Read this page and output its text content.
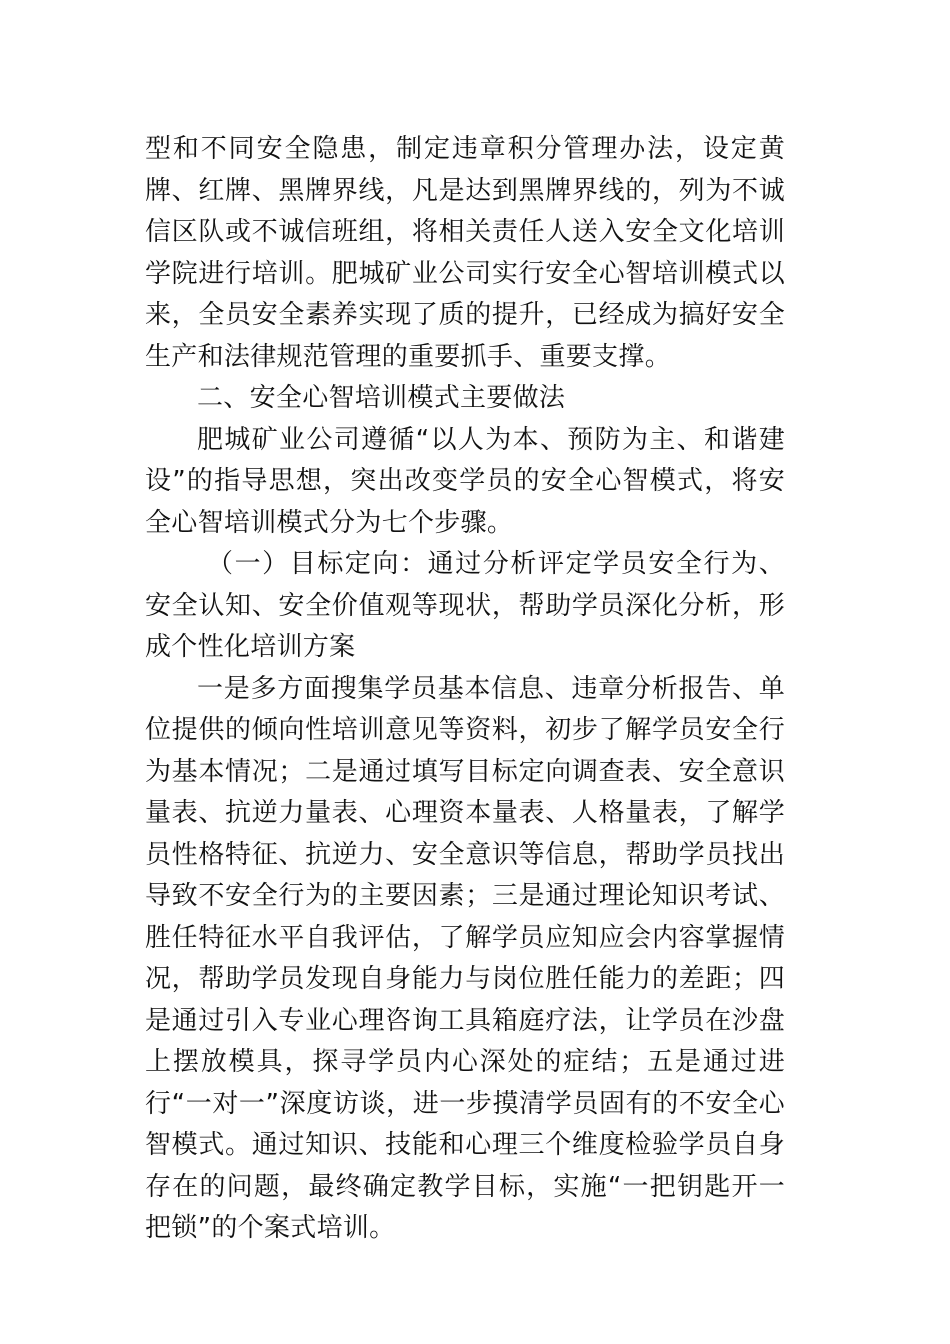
型和不同安全隐患，制定违章积分管理办法，设定黄牌、红牌、黑牌界线，凡是达到黑牌界线的，列为不诚信区队或不诚信班组，将相关责任人送入安全文化培训学院进行培训。肥城矿业公司实行安全心智培训模式以来，全员安全素养实现了质的提升，已经成为搞好安全生产和法律规范管理的重要抓手、重要支撑。

二、安全心智培训模式主要做法

肥城矿业公司遵循“以人为本、预防为主、和谐建设”的指导思想，突出改变学员的安全心智模式，将安全心智培训模式分为七个步骤。

（一）目标定向：通过分析评定学员安全行为、安全认知、安全价值观等现状，帮助学员深化分析，形成个性化培训方案

一是多方面搜集学员基本信息、违章分析报告、单位提供的倾向性培训意见等资料，初步了解学员安全行为基本情况；二是通过填写目标定向调查表、安全意识量表、抗逆力量表、心理资本量表、人格量表，了解学员性格特征、抗逆力、安全意识等信息，帮助学员找出导致不安全行为的主要因素；三是通过理论知识考试、胜任特征水平自我评估，了解学员应知应会内容掌握情况，帮助学员发现自身能力与岗位胜任能力的差距；四是通过引入专业心理咨询工具箱庭疗法，让学员在沙盘上摆放模具，探寻学员内心深处的症结；五是通过进行“一对一”深度访谈，进一步摸清学员固有的不安全心智模式。通过知识、技能和心理三个维度检验学员自身存在的问题，最终确定教学目标，实施“一把钥匙开一把锁”的个案式培训。
